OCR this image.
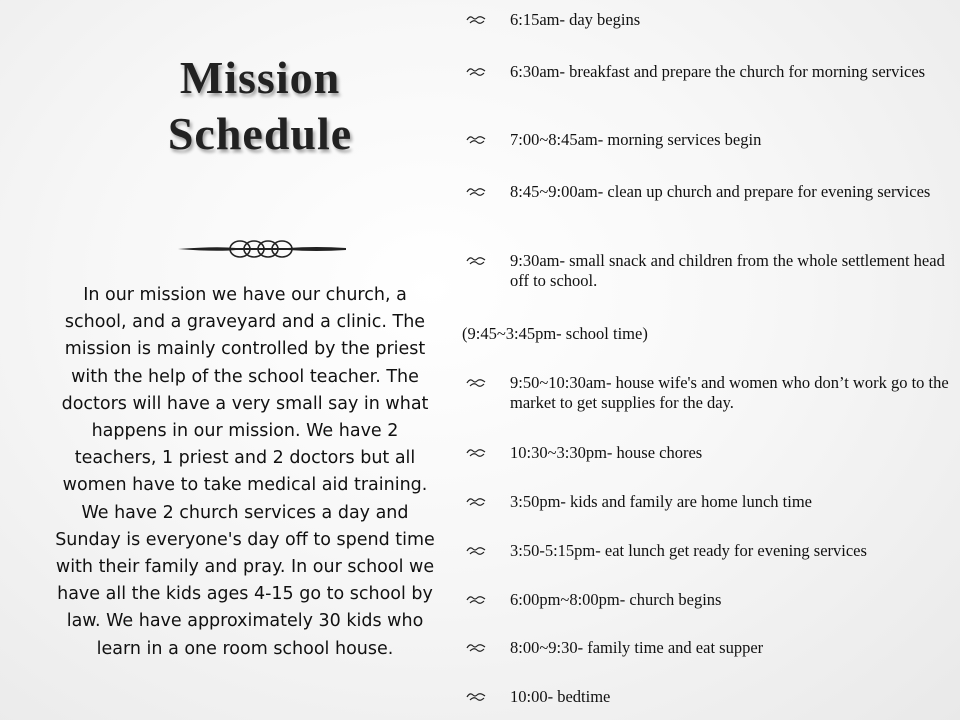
Mission
Schedule

In our mission we have our church, a school, and a graveyard and a clinic. The mission is mainly controlled by the priest with the help of the school teacher. The doctors will have a very small say in what happens in our mission. We have 2 teachers, 1 priest and 2 doctors but all women have to take medical aid training. We have 2 church services a day and Sunday is everyone's day off to spend time with their family and pray. In our school we have all the kids ages 4-15 go to school by law. We have approximately 30 kids who learn in a one room school house.

6:15am- day begins
6:30am- breakfast and prepare the church for morning services
7:00~8:45am- morning services begin
8:45~9:00am- clean up church and prepare for evening services
9:30am- small snack and children from the whole settlement head off to school.
(9:45~3:45pm- school time)
9:50~10:30am- house wife's and women who don’t work go to the market to get supplies for the day.
10:30~3:30pm- house chores
3:50pm- kids and family are home lunch time
3:50-5:15pm- eat lunch get ready for evening services
6:00pm~8:00pm- church begins
8:00~9:30- family time and eat supper
10:00- bedtime
